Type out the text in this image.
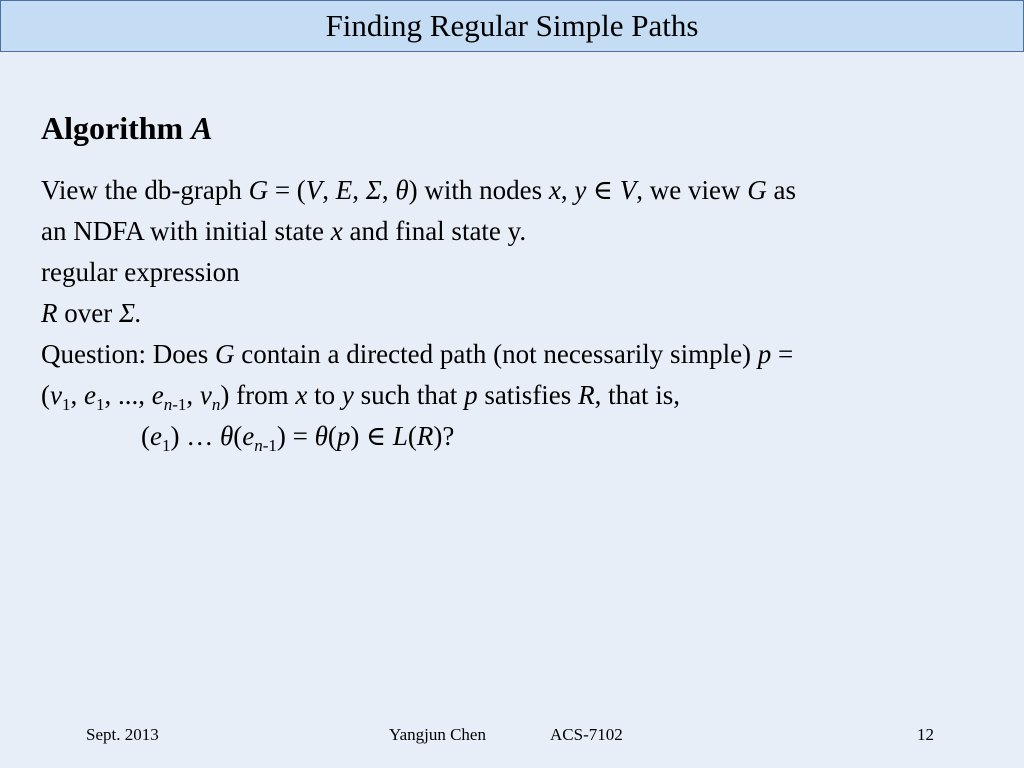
Finding Regular Simple Paths
Algorithm A
View the db-graph G = (V, E, Σ, θ) with nodes x, y ∈ V, we view G as
an NDFA with initial state x and final state y.
regular expression
R over Σ.
Question: Does G contain a directed path (not necessarily simple) p =
($v_1$, $e_1$, ..., $e_{n-1}$, $v_n$) from x to y such that p satisfies R, that is,
$(e_1)$ … $\theta(e_{n-1}) = \theta(p)$ ∈ L(R)?
Sept. 2013	Yangjun Chen	ACS-7102	12
